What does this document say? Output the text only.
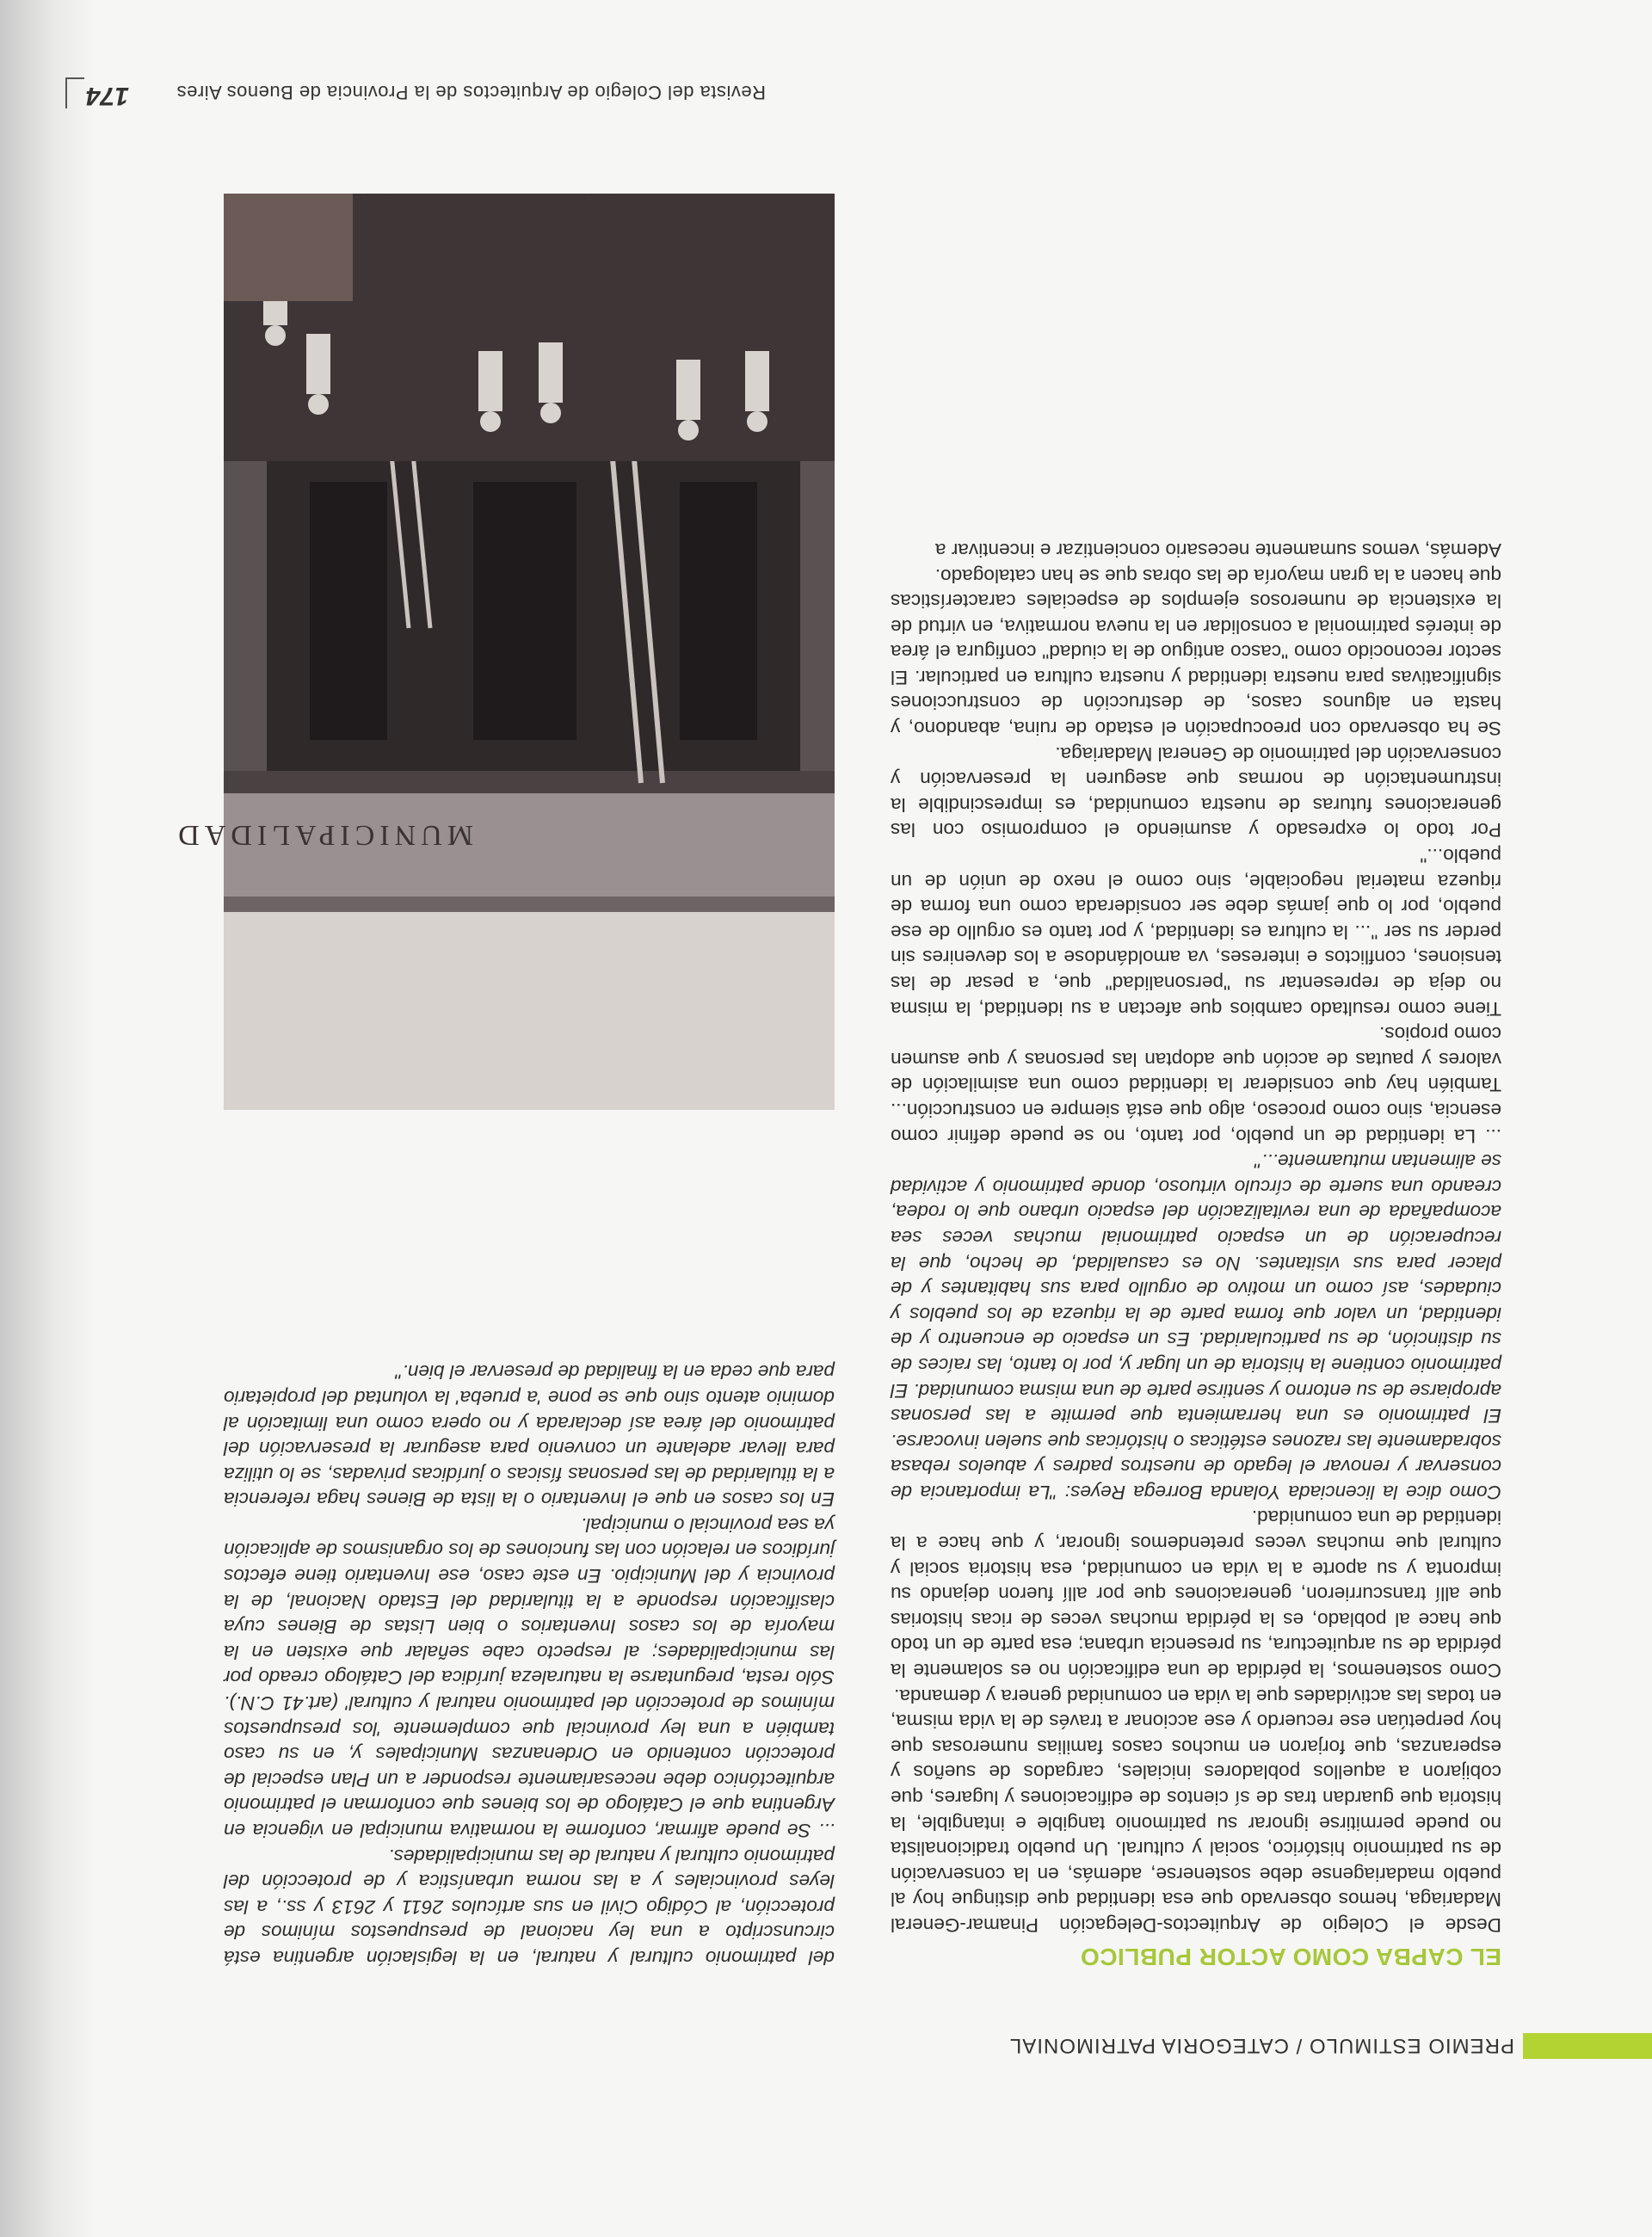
PREMIO ESTIMULO / CATEGORIA PATRIMONIAL

del patrimonio cultural y natural, en la legislación argentina está circunscripto a una ley nacional de presupuestos mínimos de protección, al Código Civil en sus artículos 2611 y 2613 y ss., a las leyes provinciales y a las norma urbanística y de protección del patrimonio cultural y natural de las municipalidades.

... Se puede afirmar, conforme la normativa municipal en vigencia en Argentina que el Catálogo de los bienes que conforman el patrimonio arquitectónico debe necesariamente responder a un Plan especial de protección contenido en Ordenanzas Municipales y, en su caso también a una ley provincial que complemente 'los presupuestos mínimos de protección del patrimonio natural y cultural' (art.41 C.N.). Sólo resta, preguntarse la naturaleza jurídica del Catálogo creado por las municipalidades; al respecto cabe señalar que existen en la mayoría de los casos Inventarios o bien Listas de Bienes cuya clasificación responde a la titularidad del Estado Nacional, de la provincia y del Municipio. En este caso, ese Inventario tiene efectos jurídicos en relación con las funciones de los organismos de aplicación ya sea provincial o municipal.

En los casos en que el Inventario o la lista de Bienes haga referencia a la titularidad de las personas físicas o jurídicas privadas, se lo utiliza para llevar adelante un convenio para asegurar la preservación del patrimonio del área así declarada y no opera como una limitación al dominio atento sino que se pone 'a prueba' la voluntad del propietario para que ceda en la finalidad de preservar el bien."

EL CAPBA COMO ACTOR PUBLICO

Desde el Colegio de Arquitectos-Delegación Pinamar-General Madariaga, hemos observado que esa identidad que distingue hoy al pueblo madariagense debe sostenerse, además, en la conservación de su patrimonio histórico, social y cultural. Un pueblo tradicionalista no puede permitirse ignorar su patrimonio tangible e intangible, la historia que guardan tras de sí cientos de edificaciones y lugares, que cobijaron a aquellos pobladores iniciales, cargados de sueños y esperanzas, que forjaron en muchos casos familias numerosas que hoy perpetúan ese recuerdo y ese accionar a través de la vida misma, en todas las actividades que la vida en comunidad genera y demanda.

Como sostenemos, la pérdida de una edificación no es solamente la pérdida de su arquitectura, su presencia urbana; esa parte de un todo que hace al poblado, es la pérdida muchas veces de ricas historias que allí transcurrieron, generaciones que por allí fueron dejando su impronta y su aporte a la vida en comunidad, esa historia social y cultural que muchas veces pretendemos ignorar, y que hace a la identidad de una comunidad.

Como dice la licenciada Yolanda Borrega Reyes: "La importancia de conservar y renovar el legado de nuestros padres y abuelos rebasa sobradamente las razones estéticas o históricas que suelen invocarse. El patrimonio es una herramienta que permite a las personas apropiarse de su entorno y sentirse parte de una misma comunidad. El patrimonio contiene la historia de un lugar y, por lo tanto, las raíces de su distinción, de su particularidad. Es un espacio de encuentro y de identidad, un valor que forma parte de la riqueza de los pueblos y ciudades, así como un motivo de orgullo para sus habitantes y de placer para sus visitantes. No es casualidad, de hecho, que la recuperación de un espacio patrimonial muchas veces sea acompañada de una revitalización del espacio urbano que lo rodea, creando una suerte de círculo virtuoso, donde patrimonio y actividad se alimentan mutuamente..."

... La identidad de un pueblo, por tanto, no se puede definir como esencia, sino como proceso, algo que está siempre en construcción... También hay que considerar la identidad como una asimilación de valores y pautas de acción que adoptan las personas y que asumen como propios.

Tiene como resultado cambios que afectan a su identidad, la misma no deja de representar su "personalidad" que, a pesar de las tensiones, conflictos e intereses, va amoldándose a los devenires sin perder su ser "... la cultura es identidad, y por tanto es orgullo de ese pueblo, por lo que jamás debe ser considerada como una forma de riqueza material negociable, sino como el nexo de unión de un pueblo..."

Por todo lo expresado y asumiendo el compromiso con las generaciones futuras de nuestra comunidad, es imprescindible la instrumentación de normas que aseguren la preservación y conservación del patrimonio de General Madariaga.

Se ha observado con preocupación el estado de ruina, abandono, y hasta en algunos casos, de destrucción de construcciones significativas para nuestra identidad y nuestra cultura en particular. El sector reconocido como "casco antiguo de la ciudad" configura el área de interés patrimonial a consolidar en la nueva normativa, en virtud de la existencia de numerosos ejemplos de especiales características que hacen a la gran mayoría de las obras que se han catalogado.

Además, vemos sumamente necesario concientizar e incentivar a

MUNICIPALIDAD
174	Revista del Colegio de Arquitectos de la Provincia de Buenos Aires
